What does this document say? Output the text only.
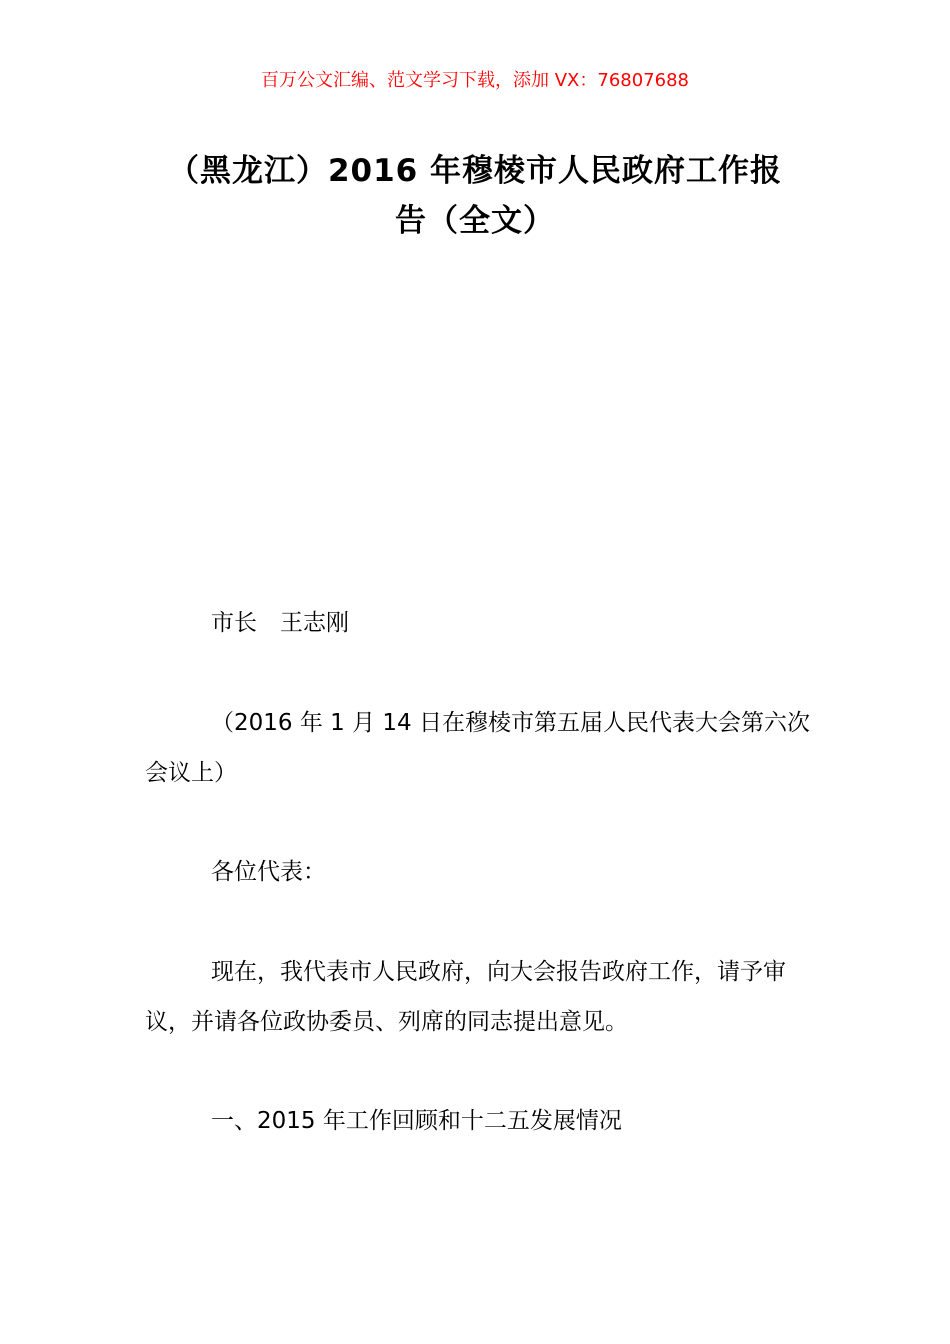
百万公文汇编、范文学习下载，添加 VX：76807688
（黑龙江）2016 年穆棱市人民政府工作报
告（全文）

市长　王志刚

（2016 年 1 月 14 日在穆棱市第五届人民代表大会第六次会议上）

各位代表：

现在，我代表市人民政府，向大会报告政府工作，请予审议，并请各位政协委员、列席的同志提出意见。

一、2015 年工作回顾和十二五发展情况
